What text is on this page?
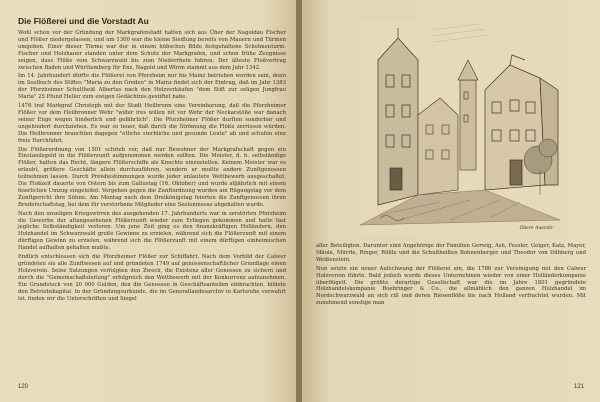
Die Flößerei und die Vorstadt Au

Wohl schon vor der Gründung der Markgrafenstadt hatten sich aus Über der Nagoldau Fischer und Flößer niedergelassen, und um 1300 war die kleine Siedlung bereits von Mauern und Türmen umgeben. Einer dieser Türme war der in einem hübschen Bilde festgehaltene Schelmenturm. Fischer und Holzhauer standen unter dem Schutz der Markgrafen, und schon frühe Zeugnisse zeigen, dass Flöße vom Schwarzwald bis zum Niederrhein fuhren. Der älteste Floßvertrag zwischen Baden und Württemberg für Enz, Nagold und Würm stammt aus dem Jahr 1342.

Im 14. Jahrhundert dürfte die Flößerei von Pforzheim nur bis Mainz betrieben worden sein, denn im Seelbuch des Stiftes "Maria zu den Greden" in Mainz findet sich der Eintrag, daß im Jahr 1383 der Pforzheimer Schultheiß Albertus nach den Holzverkäufen "dem Stift zur seligen Jungfrau Maria" 25 Pfund Heller zum ewigen Gedächtnis gestiftet habe.

1476 traf Markgraf Christoph mit der Stadt Heilbronn eine Vereinbarung, daß die Pforzheimer Flößer vor dem Heilbronner Wehr "wider ires willen nit vor Wehr der Neckarstöße war danach seiner Enge wegen hinderlich und gefährlich". Die Pforzheimer Flößer durften sonderbar und ungehindert durchziehen. Es war so teuer, daß durch die Strömung die Flöße zerrissen würden. Die Heilbronner brauchten dagegen "etliche sterbliche und gesunde Leute" ab und schufen eine freie Durchfahrt.

Die Flößerordnung von 1501 schrieb vor, daß nur Bewohner der Markgrafschaft gegen ein Einstandsgeld in die Flößerzunft aufgenommen werden sollten. Die Meister, d. h. selbständige Flößer, hatten das Recht, längere Flößerschiffe als Knechte einzustellen. Keinem Meister war es erlaubt, größere Geschäfte allein durchzuführen, sondern er mußte andere Zunftgenossen teilnehmen lassen. Durch Preisbestimmungen wurde jeder unlautere Wettbewerb ausgeschaltet. Die Floßzeit dauerte von Ostern bis zum Gallustag (16. Oktober) und wurde alljährlich mit einem feierlichen Umzug eingeleitet. Vergehen gegen die Zunftordnung wurden am Rügungstag vor dem Zunftgericht ihre Sühne. Am Montag nach dem Dreikönigstag feierten die Zunftgenossen ihren Bruderschaftstag, bei dem für verstorbene Mitglieder eine Seelenmesse abgehalten wurde.

Nach den unseligen Kriegswirren des ausgehenden 17. Jahrhunderts war in zerstörten Pforzheim die Gewerbe der altangesehenen Flößerzunft wieder zum Erliegen gekommen und hatte fast jegliche Selbständigkeit verloren. Um jene Zeit ging es den finanzkräftigen Holländern, den Holzhandel im Schwarzwald große Gewinne zu erzielen, während sich die Flößerzunft mit einem dürftigen Gewinn zu erzielen, während sich die Flößerzunft mit einem dürftigen einheimischen Handel aufhalten gehalten mußte.

Endlich entschlossen sich die Pforzheimer Flößer zur Schiffahrt. Nach dem Vorbild der Calwer gründeten sie alle Zunftwesen auf und gründeten 1749 auf genossenschaftlicher Grundlage einen Holzverein. Seine Satzungen verfolgten den Zweck, die Existenz aller Genossen zu sichern und durch die "Gemeinschaftsleitung" erfolgreich den Wettbewerb mit der Konkurrenz aufzunehmen. Ein Grundstock von 20 000 Gulden, den die Genossen in Geschäftsanteilen einbrachten, bildete den Betriebskapital. In der Gründungsurkunde, die im Generallandesarchiv in Karlsruhe verwahrt ist, finden wir die Unterschriften und Siegel

120
Obere Auenstr.

aller Beteiligten. Darunter sind Angehörige der Familien Gerwig, Ash, Fessler, Geiger, Katz, Mayer, Mäule, Mürrle, Ringer, Rößle und die Schultheißen Bohnenberger und Theodor von Dilbberg und Weißenstein.

Nun setzte ein neuer Aufschwung der Flößerei ein, die 1786 zur Vereinigung mit den Calwer Holzverein führte. Bald jedoch wurde dieses Unternehmen wieder von einer Holländerkompanie überflügelt. Die größte derartige Gesellschaft war die im Jahre 1801 gegründete Holzhandelskompanie Boehringer & Co., die allmählich den ganzen Holzhandel im Nordschwarzwald an sich riß und deren Riesenflöße bis nach Holland verfrachtet wurden. Mit zunehmend sonstige man

121
